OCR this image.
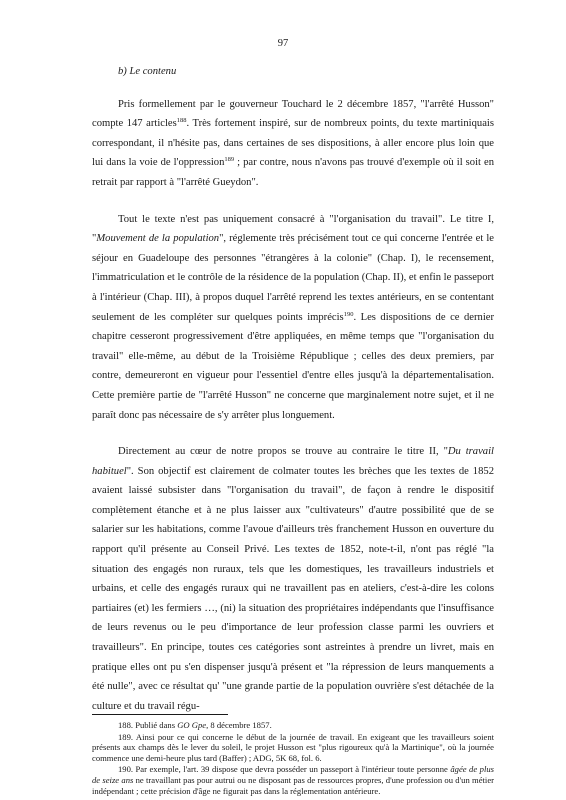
97

b) Le contenu

Pris formellement par le gouverneur Touchard le 2 décembre 1857, "l'arrêté Husson" compte 147 articles$^{188}$. Très fortement inspiré, sur de nombreux points, du texte martiniquais correspondant, il n'hésite pas, dans certaines de ses dispositions, à aller encore plus loin que lui dans la voie de l'oppression$^{189}$ ; par contre, nous n'avons pas trouvé d'exemple où il soit en retrait par rapport à "l'arrêté Gueydon".

Tout le texte n'est pas uniquement consacré à "l'organisation du travail". Le titre I, "Mouvement de la population", réglemente très précisément tout ce qui concerne l'entrée et le séjour en Guadeloupe des personnes "étrangères à la colonie" (Chap. I), le recensement, l'immatriculation et le contrôle de la résidence de la population (Chap. II), et enfin le passeport à l'intérieur (Chap. III), à propos duquel l'arrêté reprend les textes antérieurs, en se contentant seulement de les compléter sur quelques points imprécis$^{190}$. Les dispositions de ce dernier chapitre cesseront progressivement d'être appliquées, en même temps que "l'organisation du travail" elle-même, au début de la Troisième République ; celles des deux premiers, par contre, demeureront en vigueur pour l'essentiel d'entre elles jusqu'à la départementalisation. Cette première partie de "l'arrêté Husson" ne concerne que marginalement notre sujet, et il ne paraît donc pas nécessaire de s'y arrêter plus longuement.

Directement au cœur de notre propos se trouve au contraire le titre II, "Du travail habituel". Son objectif est clairement de colmater toutes les brèches que les textes de 1852 avaient laissé subsister dans "l'organisation du travail", de façon à rendre le dispositif complètement étanche et à ne plus laisser aux "cultivateurs" d'autre possibilité que de se salarier sur les habitations, comme l'avoue d'ailleurs très franchement Husson en ouverture du rapport qu'il présente au Conseil Privé. Les textes de 1852, note-t-il, n'ont pas réglé "la situation des engagés non ruraux, tels que les domestiques, les travailleurs industriels et urbains, et celle des engagés ruraux qui ne travaillent pas en ateliers, c'est-à-dire les colons partiaires (et) les fermiers …, (ni) la situation des propriétaires indépendants que l'insuffisance de leurs revenus ou le peu d'importance de leur profession classe parmi les ouvriers et travailleurs". En principe, toutes ces catégories sont astreintes à prendre un livret, mais en pratique elles ont pu s'en dispenser jusqu'à présent et "la répression de leurs manquements a été nulle", avec ce résultat qu' "une grande partie de la population ouvrière s'est détachée de la culture et du travail régu-

188. Publié dans GO Gpe, 8 décembre 1857.

189. Ainsi pour ce qui concerne le début de la journée de travail. En exigeant que les travailleurs soient présents aux champs dès le lever du soleil, le projet Husson est "plus rigoureux qu'à la Martinique", où la journée commence une demi-heure plus tard (Baffer) ; ADG, 5K 68, fol. 6.

190. Par exemple, l'art. 39 dispose que devra posséder un passeport à l'intérieur toute personne âgée de plus de seize ans ne travaillant pas pour autrui ou ne disposant pas de ressources propres, d'une profession ou d'un métier indépendant ; cette précision d'âge ne figurait pas dans la réglementation antérieure.
